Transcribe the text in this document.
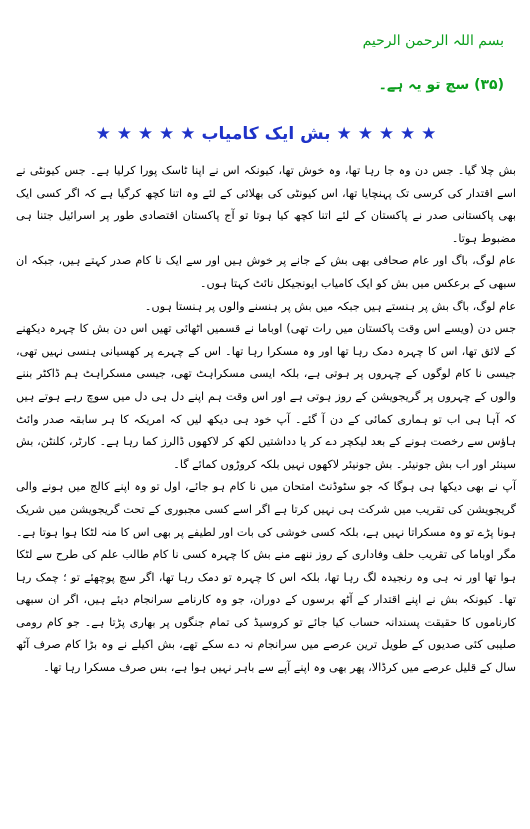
بسم اللہ الرحمن الرحیم
(۳۵) سچ تو یہ ہے۔
★ ★ ★ ★ ★بش ایک کامیاب★ ★ ★ ★ ★

بش چلا گیا۔ جس دن وہ جا رہا تھا، وہ خوش تھا، کیونکہ اس نے اپنا ٹاسک پورا کرلیا ہے۔ جس کیونٹی نے اسے اقتدار کی کرسی تک پہنچایا تھا، اس کیونٹی کی بھلائی کے لئے وہ اتنا کچھ کرگیا ہے کہ اگر کسی ایک بھی پاکستانی صدر نے پاکستان کے لئے اتنا کچھ کیا ہوتا تو آج پاکستان اقتصادی طور پر اسرائیل جتنا ہی مضبوط ہوتا۔

عام لوگ، باگ اور عام صحافی بھی بش کے جانے پر خوش ہیں اور سے ایک نا کام صدر کہتے ہیں، جبکہ ان سبھی کے برعکس میں بش کو ایک کامیاب ایونجیکل نائٹ کہتا ہوں۔

عام لوگ، باگ بش پر ہنستے ہیں جبکہ میں بش پر ہنسنے والوں پر ہنستا ہوں۔

جس دن (ویسے اس وقت پاکستان میں رات تھی) اوباما نے قسمیں اٹھائی تھیں اس دن بش کا چہرہ دیکھنے کے لائق تھا، اس کا چہرہ دمک رہا تھا اور وہ مسکرا رہا تھا۔ اس کے چہرے پر کھسیانی ہنسی نہیں تھی، جیسی نا کام لوگوں کے چہروں پر ہوتی ہے، بلکہ ایسی مسکراہٹ تھی، جیسی مسکراہٹ ہم ڈاکٹر بننے والوں کے چہروں پر گریجویشن کے روز ہوتی ہے اور اس وقت ہم اپنے دل ہی دل میں سوچ رہے ہوتے ہیں کہ آہا ہی اب تو ہماری کمائی کے دن آ گئے۔ آپ خود ہی دیکھ لیں کہ امریکہ کا ہر سابقہ صدر وائٹ ہاؤس سے رخصت ہونے کے بعد لیکچر دے کر یا دداشتیں لکھ کر لاکھوں ڈالرز کما رہا ہے۔ کارٹر، کلنٹن، بش سینئر اور اب بش جونیئر۔ بش جونیئر لاکھوں نہیں بلکہ کروڑوں کمائے گا۔

آپ نے بھی دیکھا ہی ہوگا کہ جو سٹوڈنٹ امتحان میں نا کام ہو جائے، اول تو وہ اپنے کالج میں ہونے والی گریجویشن کی تقریب میں شرکت ہی نہیں کرتا ہے اگر اسے کسی مجبوری کے تحت گریجویشن میں شریک ہونا پڑے تو وہ مسکراتا نہیں ہے، بلکہ کسی خوشی کی بات اور لطیفے پر بھی اس کا منہ لٹکا ہوا ہوتا ہے۔ مگر اوباما کی تقریب حلف وفاداری کے روز ننھے منے بش کا چہرہ کسی نا کام طالب علم کی طرح سے لٹکا ہوا تھا اور نہ ہی وہ رنجیدہ لگ رہا تھا، بلکہ اس کا چہرہ تو دمک رہا تھا، اگر سچ پوچھئے تو ؛ چمک رہا تھا۔ کیونکہ بش نے اپنے اقتدار کے آٹھ برسوں کے دوران، جو وہ کارنامے سرانجام دیئے ہیں، اگر ان سبھی کارناموں کا حقیقت پسندانہ حساب کیا جائے تو کروسیڈ کی تمام جنگوں پر بھاری پڑتا ہے۔ جو کام رومی صلیبی کئی صدیوں کے طویل ترین عرصے میں سرانجام نہ دے سکے تھے، بش اکیلے نے وہ بڑا کام صرف آٹھ سال کے قلیل عرصے میں کرڈالا، پھر بھی وہ اپنے آپے سے باہر نہیں ہوا ہے، بس صرف مسکرا رہا تھا۔
